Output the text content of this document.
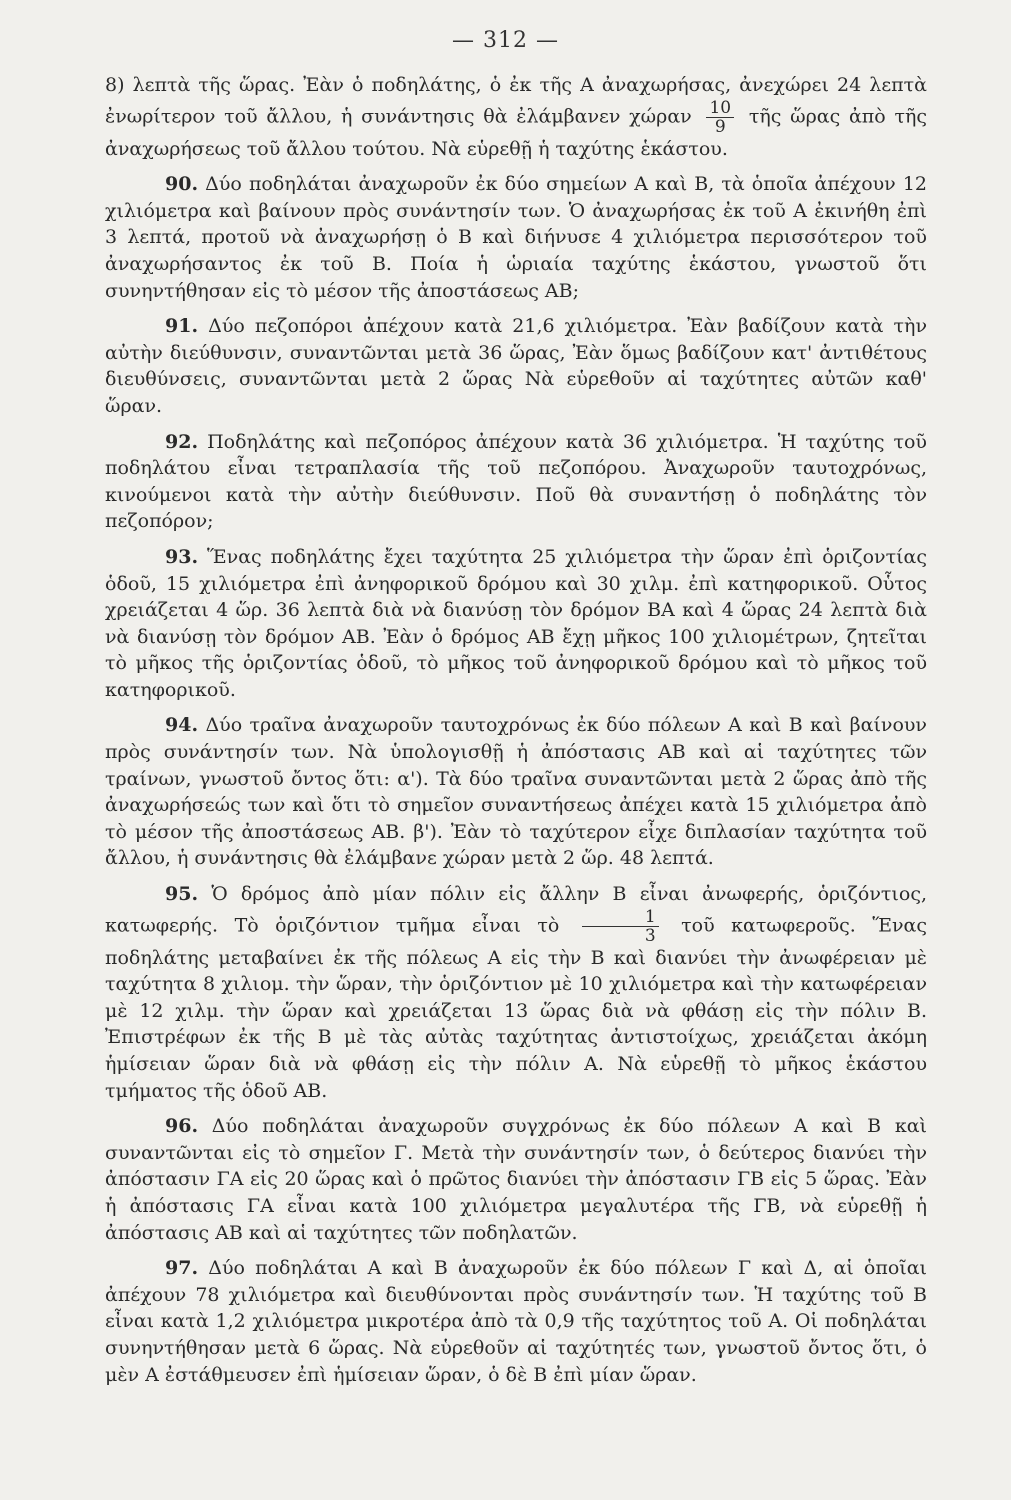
— 312 —

8) λεπτὰ τῆς ὥρας. Ἐὰν ὁ ποδηλάτης, ὁ ἐκ τῆς Α ἀναχωρήσας, ἀνεχώρει 24 λεπτὰ ἐνωρίτερον τοῦ ἄλλου, ἡ συνάντησις θὰ ἐλάμβανεν χώραν $\frac{10}{9}$ τῆς ὥρας ἀπὸ τῆς ἀναχωρήσεως τοῦ ἄλλου τούτου. Νὰ εὑρεθῇ ἡ ταχύτης ἑκάστου.

90. Δύο ποδηλάται ἀναχωροῦν ἐκ δύο σημείων Α καὶ Β, τὰ ὁποῖα ἀπέχουν 12 χιλιόμετρα καὶ βαίνουν πρὸς συνάντησίν των. Ὁ ἀναχωρήσας ἐκ τοῦ Α ἐκινήθη ἐπὶ 3 λεπτά, προτοῦ νὰ ἀναχωρήσῃ ὁ Β καὶ διήνυσε 4 χιλιόμετρα περισσότερον τοῦ ἀναχωρήσαντος ἐκ τοῦ Β. Ποία ἡ ὡριαία ταχύτης ἑκάστου, γνωστοῦ ὅτι συνηντήθησαν εἰς τὸ μέσον τῆς ἀποστάσεως ΑΒ;

91. Δύο πεζοπόροι ἀπέχουν κατὰ 21,6 χιλιόμετρα. Ἐὰν βαδίζουν κατὰ τὴν αὐτὴν διεύθυνσιν, συναντῶνται μετὰ 36 ὥρας, Ἐὰν ὅμως βαδίζουν κατ' ἀντιθέτους διευθύνσεις, συναντῶνται μετὰ 2 ὥρας Νὰ εὑρεθοῦν αἱ ταχύτητες αὐτῶν καθ' ὥραν.

92. Ποδηλάτης καὶ πεζοπόρος ἀπέχουν κατὰ 36 χιλιόμετρα. Ἡ ταχύτης τοῦ ποδηλάτου εἶναι τετραπλασία τῆς τοῦ πεζοπόρου. Ἀναχωροῦν ταυτοχρόνως, κινούμενοι κατὰ τὴν αὐτὴν διεύθυνσιν. Ποῦ θὰ συναντήσῃ ὁ ποδηλάτης τὸν πεζοπόρον;

93. Ἕνας ποδηλάτης ἔχει ταχύτητα 25 χιλιόμετρα τὴν ὥραν ἐπὶ ὁριζοντίας ὁδοῦ, 15 χιλιόμετρα ἐπὶ ἀνηφορικοῦ δρόμου καὶ 30 χιλμ. ἐπὶ κατηφορικοῦ. Οὗτος χρειάζεται 4 ὥρ. 36 λεπτὰ διὰ νὰ διανύσῃ τὸν δρόμον ΒΑ καὶ 4 ὥρας 24 λεπτὰ διὰ νὰ διανύσῃ τὸν δρόμον ΑΒ. Ἐὰν ὁ δρόμος ΑΒ ἔχῃ μῆκος 100 χιλιομέτρων, ζητεῖται τὸ μῆκος τῆς ὁριζοντίας ὁδοῦ, τὸ μῆκος τοῦ ἀνηφορικοῦ δρόμου καὶ τὸ μῆκος τοῦ κατηφορικοῦ.

94. Δύο τραῖνα ἀναχωροῦν ταυτοχρόνως ἐκ δύο πόλεων Α καὶ Β καὶ βαίνουν πρὸς συνάντησίν των. Νὰ ὑπολογισθῇ ἡ ἀπόστασις ΑΒ καὶ αἱ ταχύτητες τῶν τραίνων, γνωστοῦ ὄντος ὅτι: α'). Τὰ δύο τραῖνα συναντῶνται μετὰ 2 ὥρας ἀπὸ τῆς ἀναχωρήσεώς των καὶ ὅτι τὸ σημεῖον συναντήσεως ἀπέχει κατὰ 15 χιλιόμετρα ἀπὸ τὸ μέσον τῆς ἀποστάσεως ΑΒ. β'). Ἐὰν τὸ ταχύτερον εἶχε διπλασίαν ταχύτητα τοῦ ἄλλου, ἡ συνάντησις θὰ ἐλάμβανε χώραν μετὰ 2 ὥρ. 48 λεπτά.

95. Ὁ δρόμος ἀπὸ μίαν πόλιν εἰς ἄλλην Β εἶναι ἀνωφερής, ὁριζόντιος, κατωφερής. Τὸ ὁριζόντιον τμῆμα εἶναι τὸ $\frac{1}{3}$ τοῦ κατωφεροῦς. Ἕνας ποδηλάτης μεταβαίνει ἐκ τῆς πόλεως Α εἰς τὴν Β καὶ διανύει τὴν ἀνωφέρειαν μὲ ταχύτητα 8 χιλιομ. τὴν ὥραν, τὴν ὁριζόντιον μὲ 10 χιλιόμετρα καὶ τὴν κατωφέρειαν μὲ 12 χιλμ. τὴν ὥραν καὶ χρειάζεται 13 ὥρας διὰ νὰ φθάσῃ εἰς τὴν πόλιν Β. Ἐπιστρέφων ἐκ τῆς Β μὲ τὰς αὐτὰς ταχύτητας ἀντιστοίχως, χρειάζεται ἀκόμη ἡμίσειαν ὥραν διὰ νὰ φθάσῃ εἰς τὴν πόλιν Α. Νὰ εὑρεθῇ τὸ μῆκος ἑκάστου τμήματος τῆς ὁδοῦ ΑΒ.

96. Δύο ποδηλάται ἀναχωροῦν συγχρόνως ἐκ δύο πόλεων Α καὶ Β καὶ συναντῶνται εἰς τὸ σημεῖον Γ. Μετὰ τὴν συνάντησίν των, ὁ δεύτερος διανύει τὴν ἀπόστασιν ΓΑ εἰς 20 ὥρας καὶ ὁ πρῶτος διανύει τὴν ἀπόστασιν ΓΒ εἰς 5 ὥρας. Ἐὰν ἡ ἀπόστασις ΓΑ εἶναι κατὰ 100 χιλιόμετρα μεγαλυτέρα τῆς ΓΒ, νὰ εὑρεθῇ ἡ ἀπόστασις ΑΒ καὶ αἱ ταχύτητες τῶν ποδηλατῶν.

97. Δύο ποδηλάται Α καὶ Β ἀναχωροῦν ἐκ δύο πόλεων Γ καὶ Δ, αἱ ὁποῖαι ἀπέχουν 78 χιλιόμετρα καὶ διευθύνονται πρὸς συνάντησίν των. Ἡ ταχύτης τοῦ Β εἶναι κατὰ 1,2 χιλιόμετρα μικροτέρα ἀπὸ τὰ 0,9 τῆς ταχύτητος τοῦ Α. Οἱ ποδηλάται συνηντήθησαν μετὰ 6 ὥρας. Νὰ εὑρεθοῦν αἱ ταχύτητές των, γνωστοῦ ὄντος ὅτι, ὁ μὲν Α ἐστάθμευσεν ἐπὶ ἡμίσειαν ὥραν, ὁ δὲ Β ἐπὶ μίαν ὥραν.
